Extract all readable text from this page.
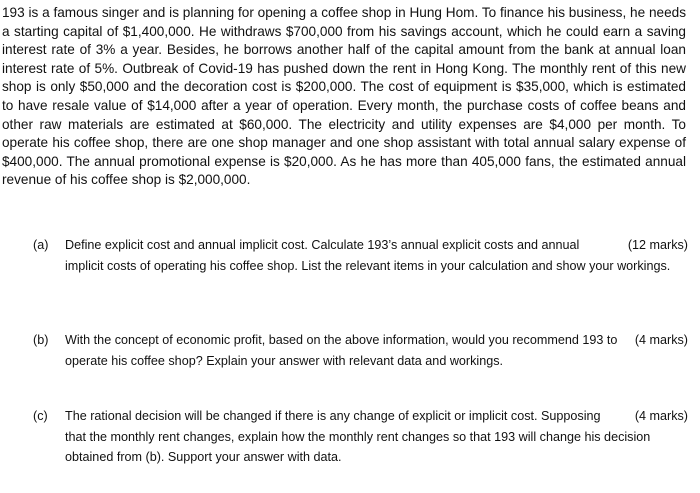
193 is a famous singer and is planning for opening a coffee shop in Hung Hom. To finance his business, he needs a starting capital of $1,400,000. He withdraws $700,000 from his savings account, which he could earn a saving interest rate of 3% a year. Besides, he borrows another half of the capital amount from the bank at annual loan interest rate of 5%. Outbreak of Covid-19 has pushed down the rent in Hong Kong. The monthly rent of this new shop is only $50,000 and the decoration cost is $200,000. The cost of equipment is $35,000, which is estimated to have resale value of $14,000 after a year of operation. Every month, the purchase costs of coffee beans and other raw materials are estimated at $60,000. The electricity and utility expenses are $4,000 per month. To operate his coffee shop, there are one shop manager and one shop assistant with total annual salary expense of $400,000. The annual promotional expense is $20,000. As he has more than 405,000 fans, the estimated annual revenue of his coffee shop is $2,000,000.

(a)	(12 marks)
Define explicit cost and annual implicit cost. Calculate 193’s annual explicit costs and annual implicit costs of operating his coffee shop. List the relevant items in your calculation and show your workings.
(b)	(4 marks)
With the concept of economic profit, based on the above information, would you recommend 193 to operate his coffee shop? Explain your answer with relevant data and workings.
(c)	(4 marks)
The rational decision will be changed if there is any change of explicit or implicit cost. Supposing that the monthly rent changes, explain how the monthly rent changes so that 193 will change his decision obtained from (b). Support your answer with data.
